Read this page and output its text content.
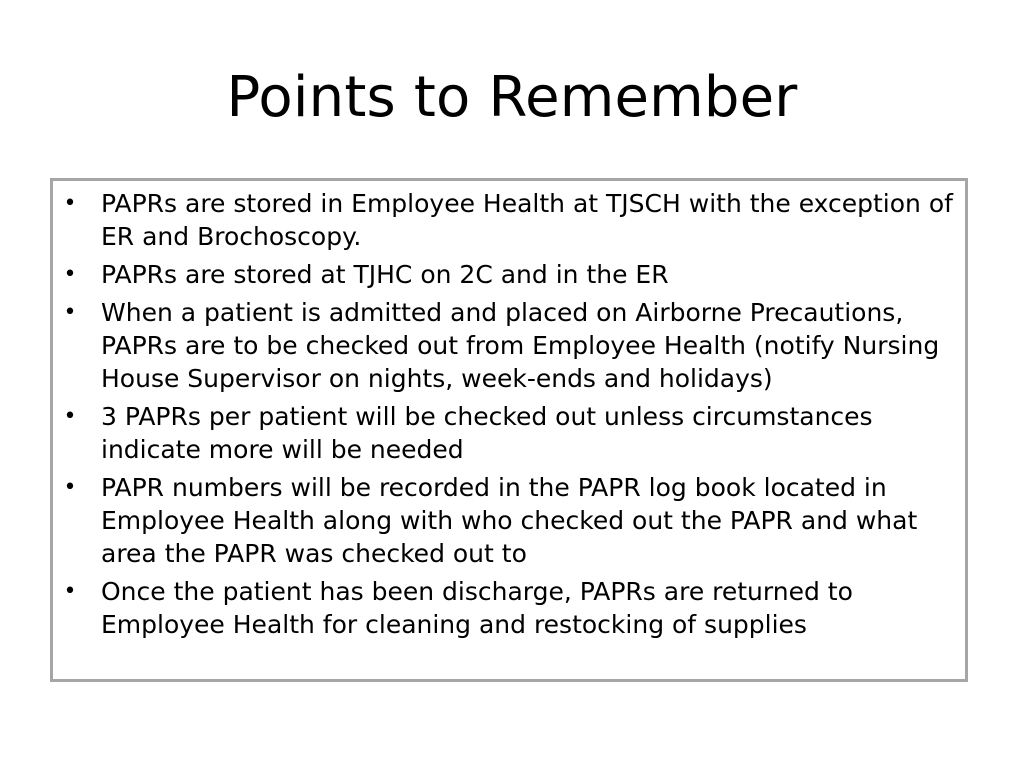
Points to Remember
• PAPRs are stored in Employee Health at TJSCH with the exception of ER and Brochoscopy.
• PAPRs are stored at TJHC on 2C and in the ER
• When a patient is admitted and placed on Airborne Precautions, PAPRs are to be checked out from Employee Health (notify Nursing House Supervisor on nights, week-ends and holidays)
• 3 PAPRs per patient will be checked out unless circumstances indicate more will be needed
• PAPR numbers will be recorded in the PAPR log book located in Employee Health along with who checked out the PAPR and what area the PAPR was checked out to
• Once the patient has been discharge, PAPRs are returned to Employee Health for cleaning and restocking of supplies
